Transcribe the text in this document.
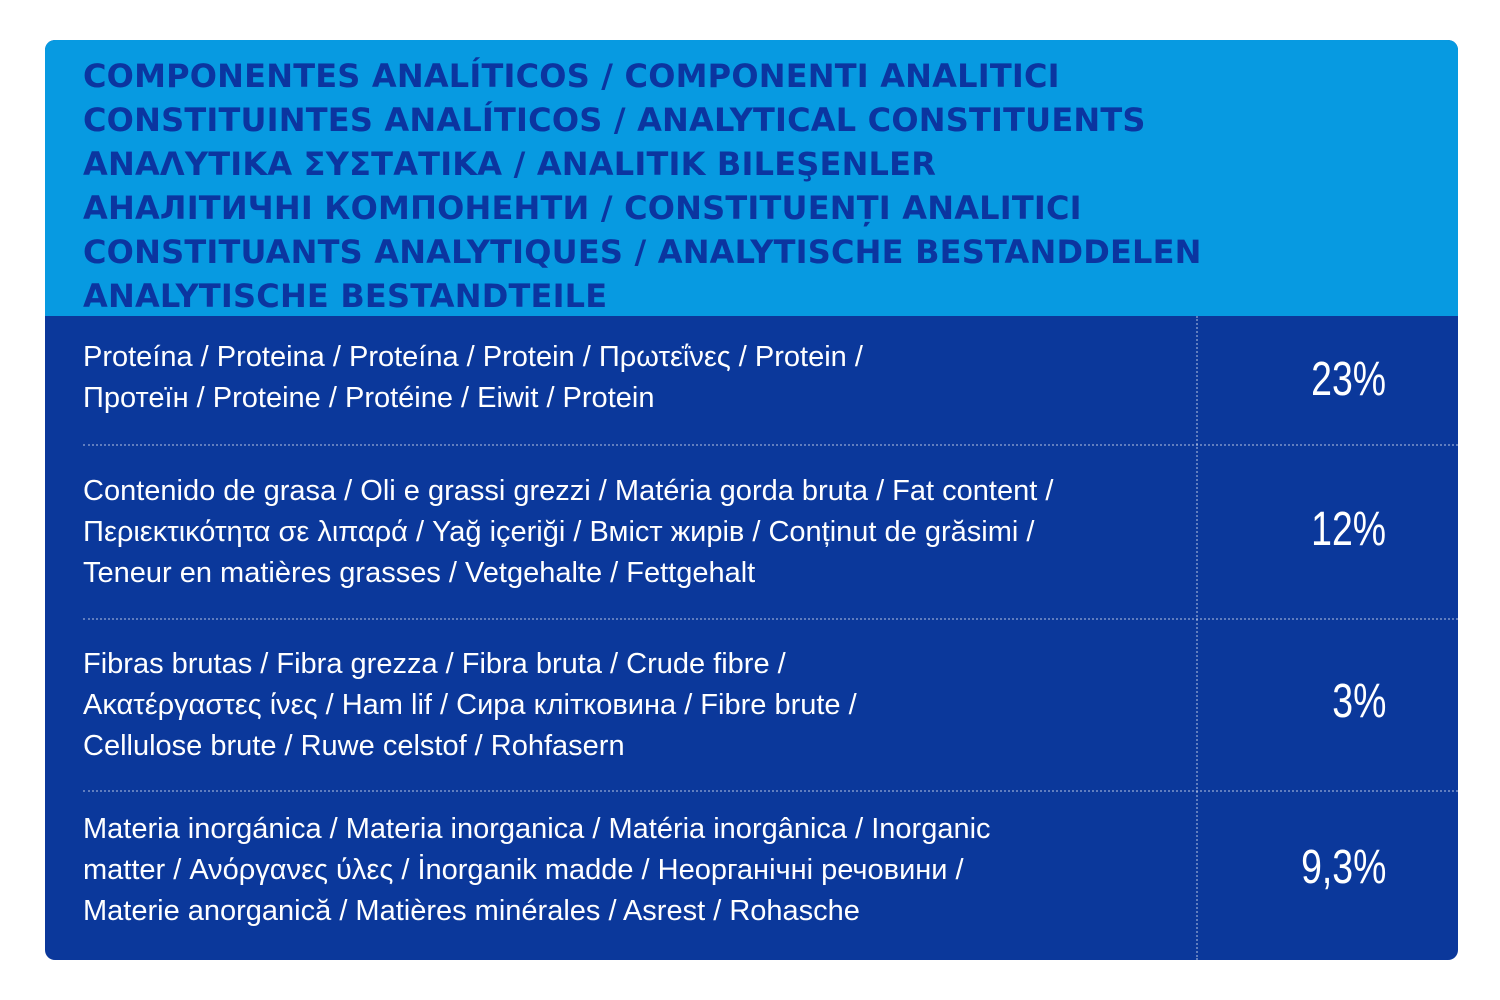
COMPONENTES ANALÍTICOS / COMPONENTI ANALITICI
CONSTITUINTES ANALÍTICOS / ANALYTICAL CONSTITUENTS
ΑΝΑΛΥΤΙΚΑ ΣΥΣΤΑΤΙΚΑ / ANALITIK BILEŞENLER
АНАЛІТИЧНІ КОМПОНЕНТИ / CONSTITUENȚI ANALITICI
CONSTITUANTS ANALYTIQUES / ANALYTISCHE BESTANDDELEN
ANALYTISCHE BESTANDTEILE
Proteína / Proteina / Proteína / Protein / Πρωτεΐνες / Protein /
Протеїн / Proteine / Protéine / Eiwit / Protein	23%
Contenido de grasa / Oli e grassi grezzi / Matéria gorda bruta / Fat content /
Περιεκτικότητα σε λιπαρά / Yağ içeriği / Вміст жирів / Conținut de grăsimi /
Teneur en matières grasses / Vetgehalte / Fettgehalt
12%
Fibras brutas / Fibra grezza / Fibra bruta / Crude fibre /
Ακατέργαστες ίνες / Ham lif / Сира клітковина / Fibre brute /
Cellulose brute / Ruwe celstof / Rohfasern
3%
Materia inorgánica / Materia inorganica / Matéria inorgânica / Inorganic
matter / Ανόργανες ύλες / İnorganik madde / Неорганічні речовини /
Materie anorganică / Matières minérales / Asrest / Rohasche
9,3%
